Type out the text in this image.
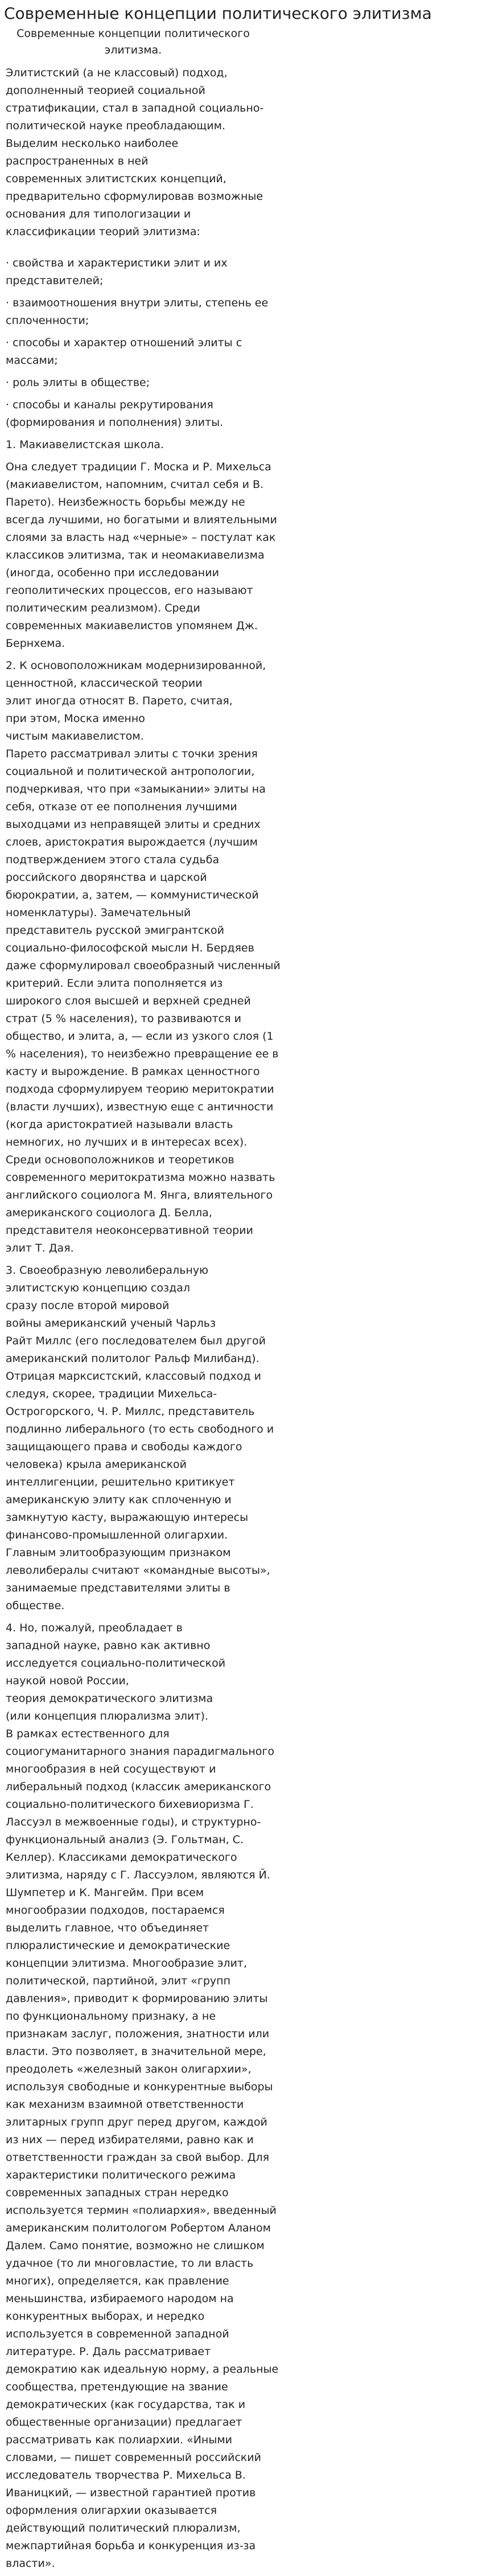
Современные концепции политического элитизма
Современные концепции политического элитизма.

Элитистский (а не классовый) подход,
дополненный теорией социальной
стратификации, стал в западной социально-
политической науке преобладающим.
Выделим несколько наиболее
распространенных в ней
современных элитистских концепций,
предварительно сформулировав возможные
основания для типологизации и
классификации теорий элитизма:

· свойства и характеристики элит и их
представителей;

· взаимоотношения внутри элиты, степень ее
сплоченности;

· способы и характер отношений элиты с
массами;

· роль элиты в обществе;

· способы и каналы рекрутирования
(формирования и пополнения) элиты.

1. Макиавелистская школа.

Она следует традиции Г. Моска и Р. Михельса
(макиавелистом, напомним, считал себя и В.
Парето). Неизбежность борьбы между не
всегда лучшими, но богатыми и влиятельными
слоями за власть над «черные» – постулат как
классиков элитизма, так и неомакиавелизма
(иногда, особенно при исследовании
геополитических процессов, его называют
политическим реализмом). Среди
современных макиавелистов упомянем Дж.
Бернхема.

2. К основоположникам модернизированной,
ценностной, классической теории
элит иногда относят В. Парето, считая,
при этом, Моска именно
чистым макиавелистом.
Парето рассматривал элиты с точки зрения
социальной и политической антропологии,
подчеркивая, что при «замыкании» элиты на
себя, отказе от ее пополнения лучшими
выходцами из неправящей элиты и средних
слоев, аристократия вырождается (лучшим
подтверждением этого стала судьба
российского дворянства и царской
бюрократии, а, затем, — коммунистической
номенклатуры). Замечательный
представитель русской эмигрантской
социально-философской мысли Н. Бердяев
даже сформулировал своеобразный численный
критерий. Если элита пополняется из
широкого слоя высшей и верхней средней
страт (5 % населения), то развиваются и
общество, и элита, а, — если из узкого слоя (1
% населения), то неизбежно превращение ее в
касту и вырождение. В рамках ценностного
подхода сформулируем теорию меритократии
(власти лучших), известную еще с античности
(когда аристократией называли власть
немногих, но лучших и в интересах всех).
Среди основоположников и теоретиков
современного меритократизма можно назвать
английского социолога М. Янга, влиятельного
американского социолога Д. Белла,
представителя неоконсервативной теории
элит Т. Дая.

3. Своеобразную леволиберальную
элитистскую концепцию создал
сразу после второй мировой
войны американский ученый Чарльз
Райт Миллс (его последователем был другой
американский политолог Ральф Милибанд).
Отрицая марксистский, классовый подход и
следуя, скорее, традиции Михельса-
Острогорского, Ч. Р. Миллс, представитель
подлинно либерального (то есть свободного и
защищающего права и свободы каждого
человека) крыла американской
интеллигенции, решительно критикует
американскую элиту как сплоченную и
замкнутую касту, выражающую интересы
финансово-промышленной олигархии.
Главным элитообразующим признаком
леволибералы считают «командные высоты»,
занимаемые представителями элиты в
обществе.

4. Но, пожалуй, преобладает в
западной науке, равно как активно
исследуется социально-политической
наукой новой России,
теория демократического элитизма
(или концепция плюрализма элит).
В рамках естественного для
социогуманитарного знания парадигмального
многообразия в ней сосуществуют и
либеральный подход (классик американского
социально-политического бихевиоризма Г.
Лассуэл в межвоенные годы), и структурно-
функциональный анализ (Э. Гольтман, С.
Келлер). Классиками демократического
элитизма, наряду с Г. Лассуэлом, являются Й.
Шумпетер и К. Мангейм. При всем
многообразии подходов, постараемся
выделить главное, что объединяет
плюралистические и демократические
концепции элитизма. Многообразие элит,
политической, партийной, элит «групп
давления», приводит к формированию элиты
по функциональному признаку, а не
признакам заслуг, положения, знатности или
власти. Это позволяет, в значительной мере,
преодолеть «железный закон олигархии»,
используя свободные и конкурентные выборы
как механизм взаимной ответственности
элитарных групп друг перед другом, каждой
из них — перед избирателями, равно как и
ответственности граждан за свой выбор. Для
характеристики политического режима
современных западных стран нередко
используется термин «полиархия», введенный
американским политологом Робертом Аланом
Далем. Само понятие, возможно не слишком
удачное (то ли многовластие, то ли власть
многих), определяется, как правление
меньшинства, избираемого народом на
конкурентных выборах, и нередко
используется в современной западной
литературе. Р. Даль рассматривает
демократию как идеальную норму, а реальные
сообщества, претендующие на звание
демократических (как государства, так и
общественные организации) предлагает
рассматривать как полиархии. «Иными
словами, — пишет современный российский
исследователь творчества Р. Михельса В.
Иваницкий, — известной гарантией против
оформления олигархии оказывается
действующий политический плюрализм,
межпартийная борьба и конкуренция из-за
власти».
